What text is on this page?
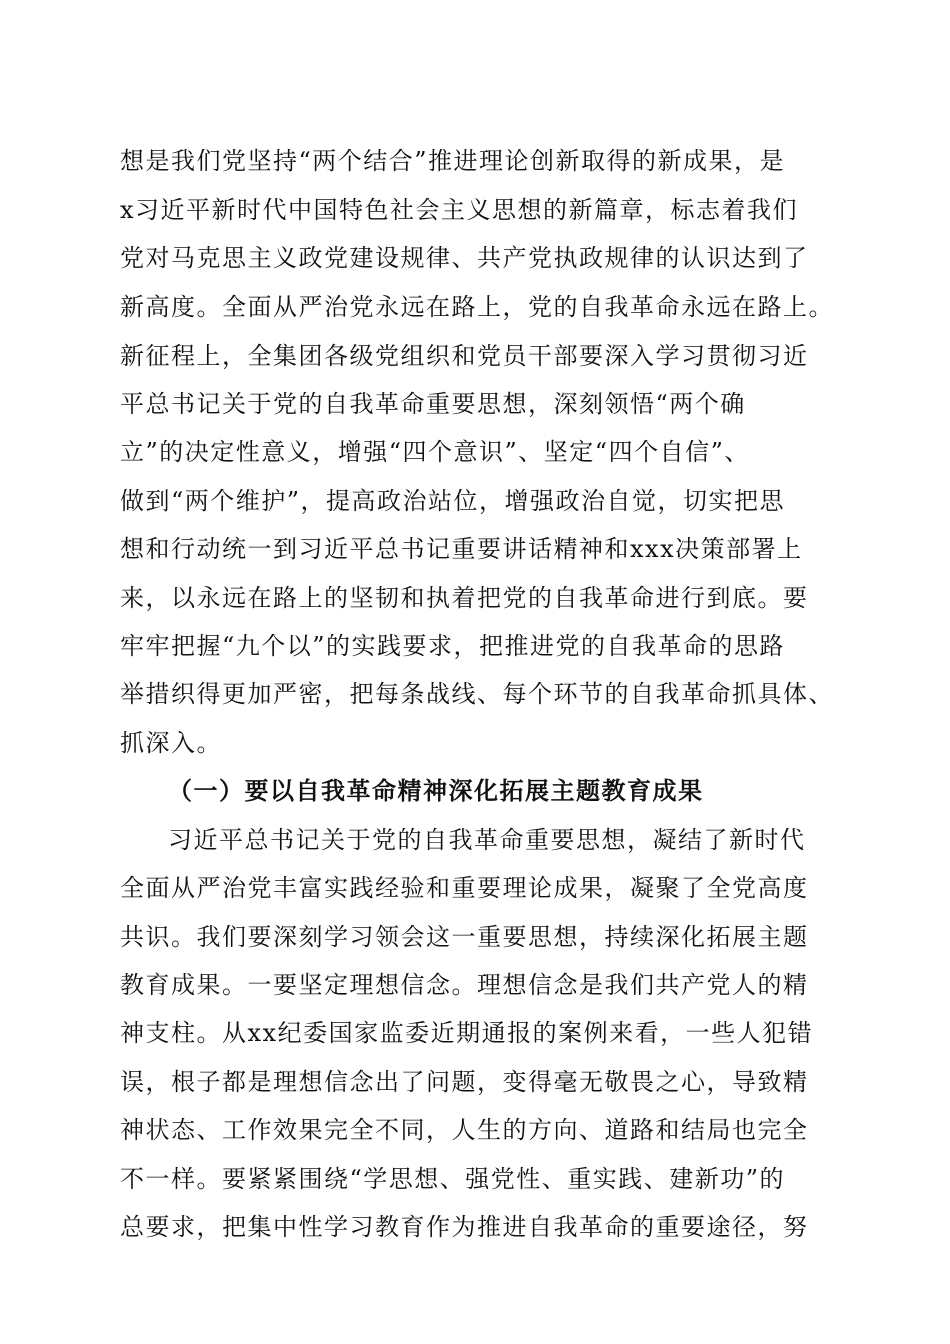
想是我们党坚持“两个结合”推进理论创新取得的新成果，是
x习近平新时代中国特色社会主义思想的新篇章，标志着我们
党对马克思主义政党建设规律、共产党执政规律的认识达到了
新高度。全面从严治党永远在路上，党的自我革命永远在路上。
新征程上，全集团各级党组织和党员干部要深入学习贯彻习近
平总书记关于党的自我革命重要思想，深刻领悟“两个确
立”的决定性意义，增强“四个意识”、坚定“四个自信”、
做到“两个维护”，提高政治站位，增强政治自觉，切实把思
想和行动统一到习近平总书记重要讲话精神和xxx决策部署上
来，以永远在路上的坚韧和执着把党的自我革命进行到底。要
牢牢把握“九个以”的实践要求，把推进党的自我革命的思路
举措织得更加严密，把每条战线、每个环节的自我革命抓具体、
抓深入。
（一）要以自我革命精神深化拓展主题教育成果
习近平总书记关于党的自我革命重要思想，凝结了新时代
全面从严治党丰富实践经验和重要理论成果，凝聚了全党高度
共识。我们要深刻学习领会这一重要思想，持续深化拓展主题
教育成果。一要坚定理想信念。理想信念是我们共产党人的精
神支柱。从xx纪委国家监委近期通报的案例来看，一些人犯错
误，根子都是理想信念出了问题，变得毫无敬畏之心，导致精
神状态、工作效果完全不同，人生的方向、道路和结局也完全
不一样。要紧紧围绕“学思想、强党性、重实践、建新功”的
总要求，把集中性学习教育作为推进自我革命的重要途径，努
